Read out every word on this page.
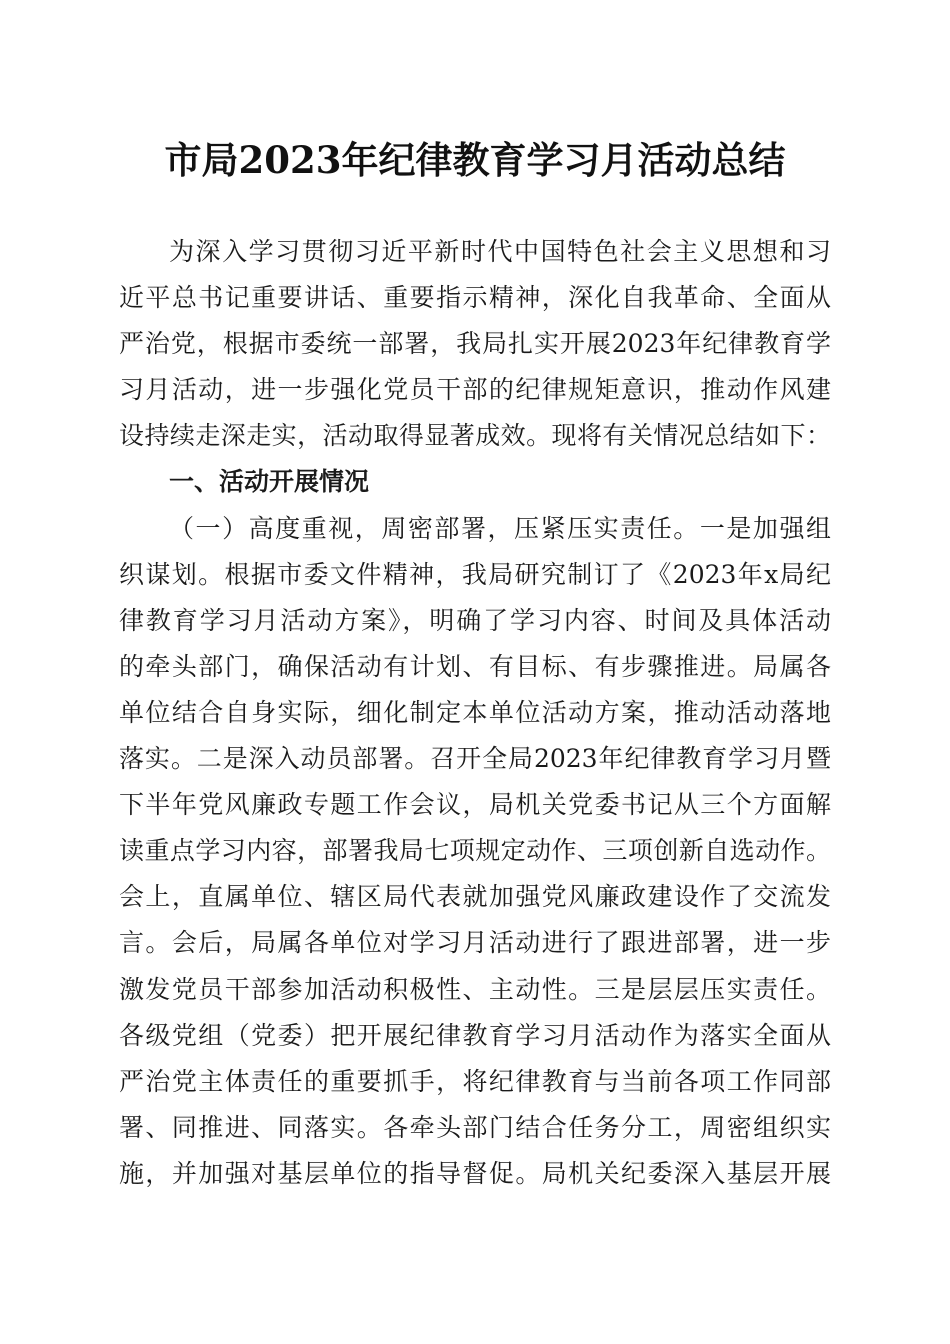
市局2023年纪律教育学习月活动总结
为深入学习贯彻习近平新时代中国特色社会主义思想和习
近平总书记重要讲话、重要指示精神，深化自我革命、全面从
严治党，根据市委统一部署，我局扎实开展2023年纪律教育学
习月活动，进一步强化党员干部的纪律规矩意识，推动作风建
设持续走深走实，活动取得显著成效。现将有关情况总结如下：
一、活动开展情况
（一）高度重视，周密部署，压紧压实责任。一是加强组
织谋划。根据市委文件精神，我局研究制订了《2023年x局纪
律教育学习月活动方案》，明确了学习内容、时间及具体活动
的牵头部门，确保活动有计划、有目标、有步骤推进。局属各
单位结合自身实际，细化制定本单位活动方案，推动活动落地
落实。二是深入动员部署。召开全局2023年纪律教育学习月暨
下半年党风廉政专题工作会议，局机关党委书记从三个方面解
读重点学习内容，部署我局七项规定动作、三项创新自选动作。
会上，直属单位、辖区局代表就加强党风廉政建设作了交流发
言。会后，局属各单位对学习月活动进行了跟进部署，进一步
激发党员干部参加活动积极性、主动性。三是层层压实责任。
各级党组（党委）把开展纪律教育学习月活动作为落实全面从
严治党主体责任的重要抓手，将纪律教育与当前各项工作同部
署、同推进、同落实。各牵头部门结合任务分工，周密组织实
施，并加强对基层单位的指导督促。局机关纪委深入基层开展
